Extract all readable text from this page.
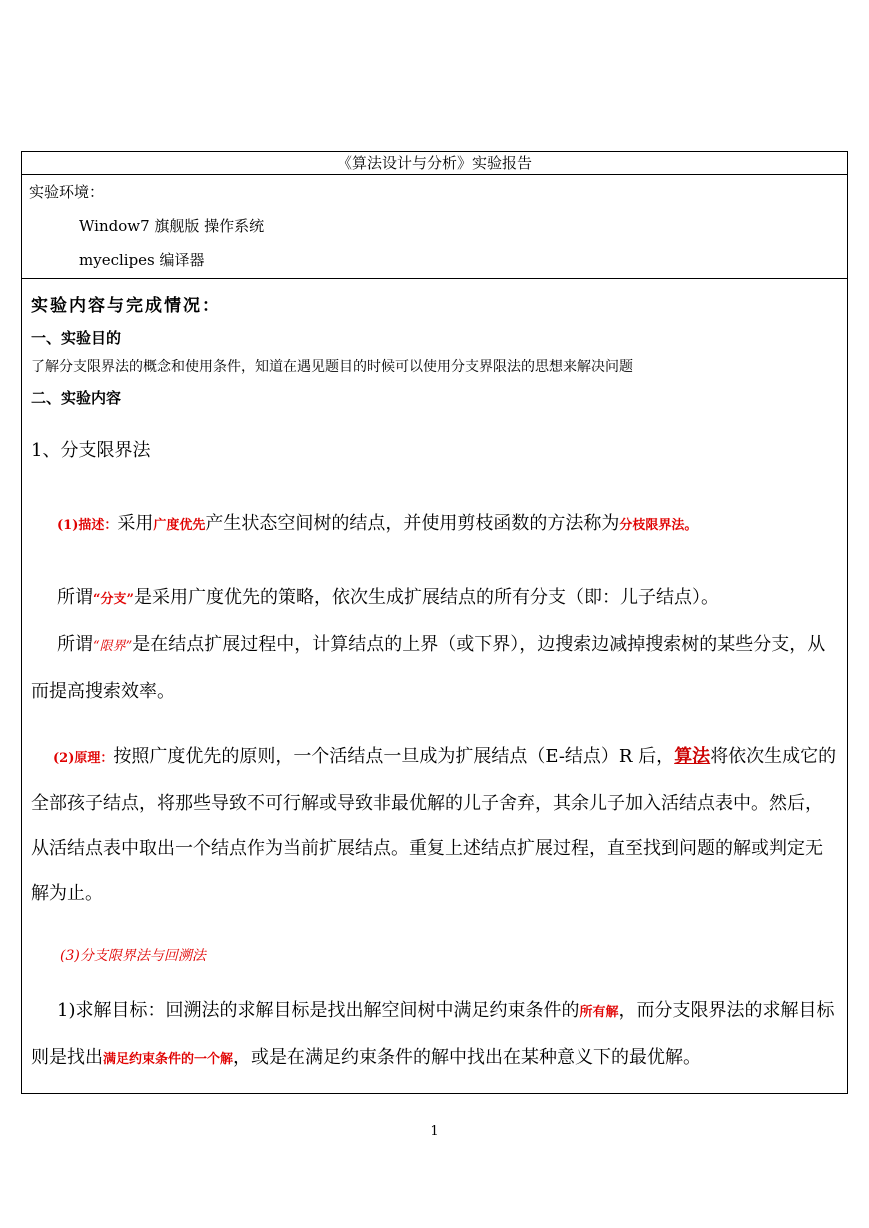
《算法设计与分析》实验报告

实验环境：
Window7 旗舰版 操作系统
myeclipes 编译器

实验内容与完成情况：
一、实验目的
了解分支限界法的概念和使用条件，知道在遇见题目的时候可以使用分支界限法的思想来解决问题
二、实验内容
1、分支限界法
(1)描述：采用广度优先产生状态空间树的结点，并使用剪枝函数的方法称为分枝限界法。
所谓“分支”是采用广度优先的策略，依次生成扩展结点的所有分支（即：儿子结点）。
所谓“限界”是在结点扩展过程中，计算结点的上界（或下界），边搜索边减掉搜索树的某些分支，从而提高搜索效率。
(2)原理：按照广度优先的原则，一个活结点一旦成为扩展结点（E-结点）R 后，算法将依次生成它的全部孩子结点，将那些导致不可行解或导致非最优解的儿子舍弃，其余儿子加入活结点表中。然后，从活结点表中取出一个结点作为当前扩展结点。重复上述结点扩展过程，直至找到问题的解或判定无解为止。
(3)分支限界法与回溯法
1)求解目标：回溯法的求解目标是找出解空间树中满足约束条件的所有解，而分支限界法的求解目标则是找出满足约束条件的一个解，或是在满足约束条件的解中找出在某种意义下的最优解。
1
